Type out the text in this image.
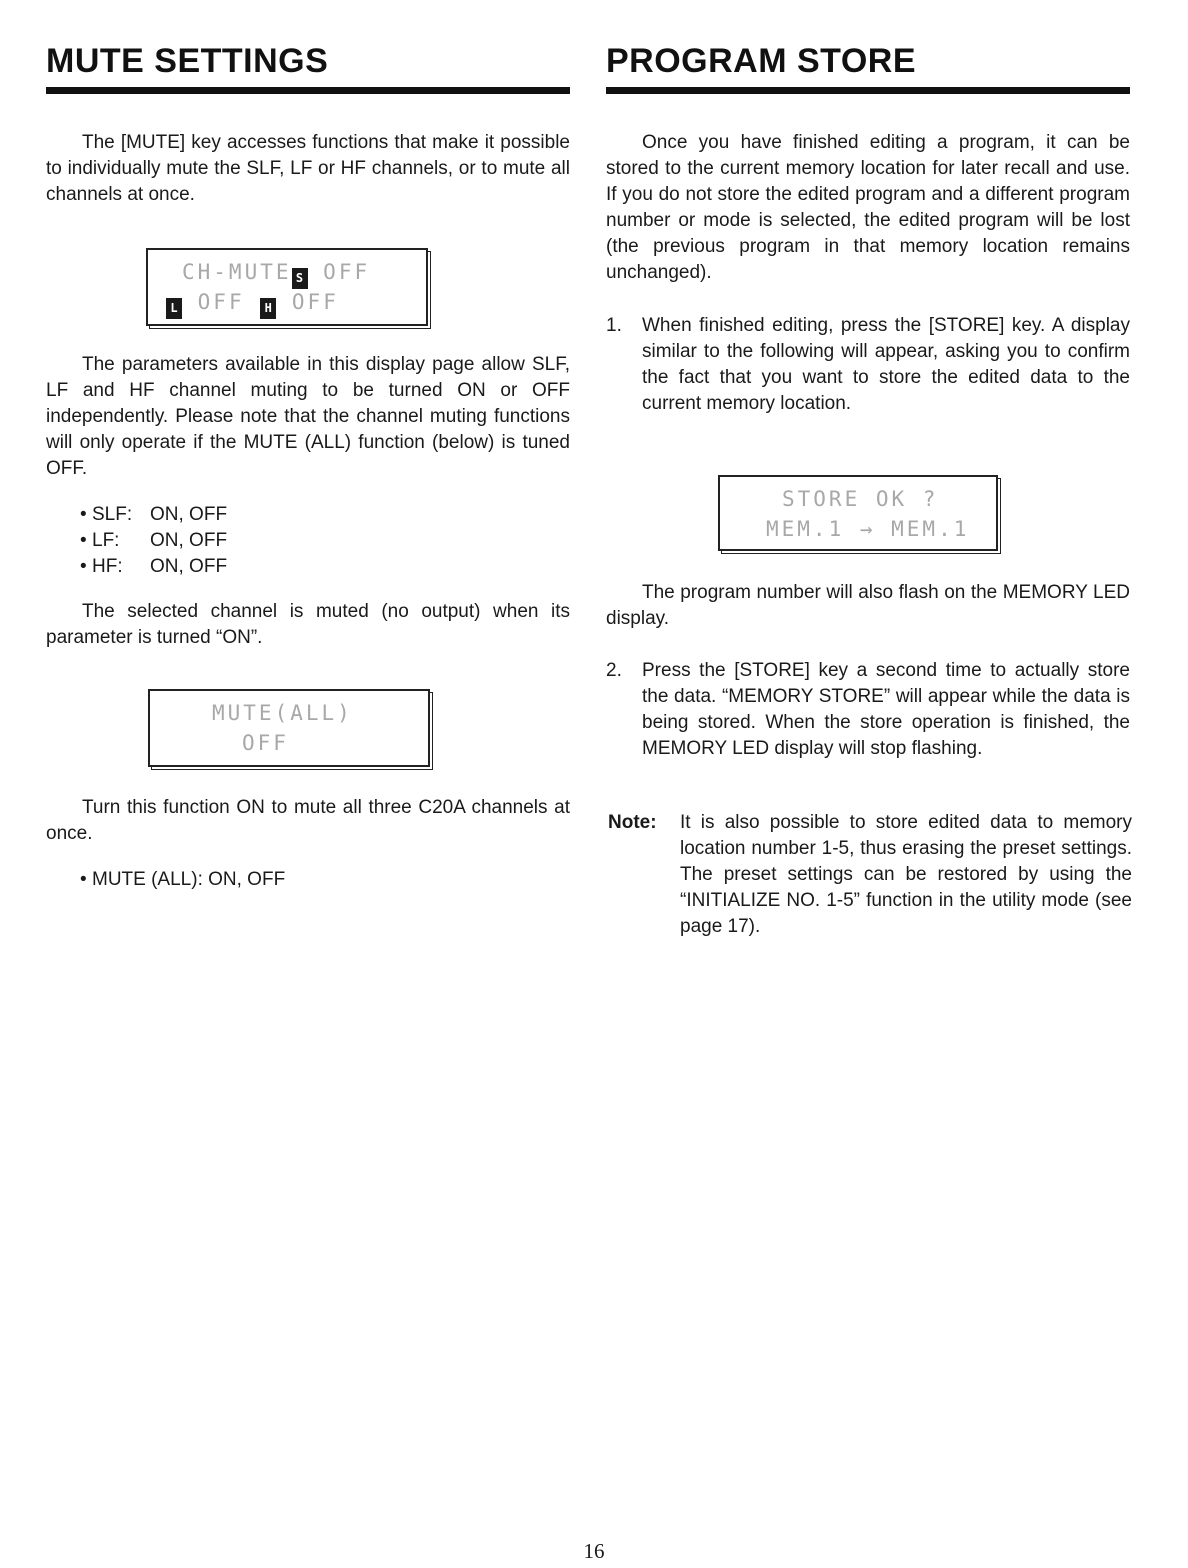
MUTE SETTINGS

The [MUTE] key accesses functions that make it possible to individually mute the SLF, LF or HF channels, or to mute all channels at once.

CH-MUTE S OFF
L OFF H OFF

The parameters available in this display page allow SLF, LF and HF channel muting to be turned ON or OFF independently. Please note that the channel muting functions will only operate if the MUTE (ALL) function (below) is tuned OFF.

• SLF: ON, OFF
• LF: ON, OFF
• HF: ON, OFF

The selected channel is muted (no output) when its parameter is turned “ON”.

MUTE(ALL)
OFF

Turn this function ON to mute all three C20A channels at once.

• MUTE (ALL): ON, OFF
PROGRAM STORE

Once you have finished editing a program, it can be stored to the current memory location for later recall and use. If you do not store the edited program and a different program number or mode is selected, the edited program will be lost (the previous program in that memory location remains unchanged).

1. When finished editing, press the [STORE] key. A display similar to the following will appear, asking you to confirm the fact that you want to store the edited data to the current memory location.

STORE OK ?
MEM.1 → MEM.1

The program number will also flash on the MEMORY LED display.

2. Press the [STORE] key a second time to actually store the data. “MEMORY STORE” will appear while the data is being stored. When the store operation is finished, the MEMORY LED display will stop flashing.

Note: It is also possible to store edited data to memory location number 1-5, thus erasing the preset settings. The preset settings can be restored by using the “INITIALIZE NO. 1-5” function in the utility mode (see page 17).

16
